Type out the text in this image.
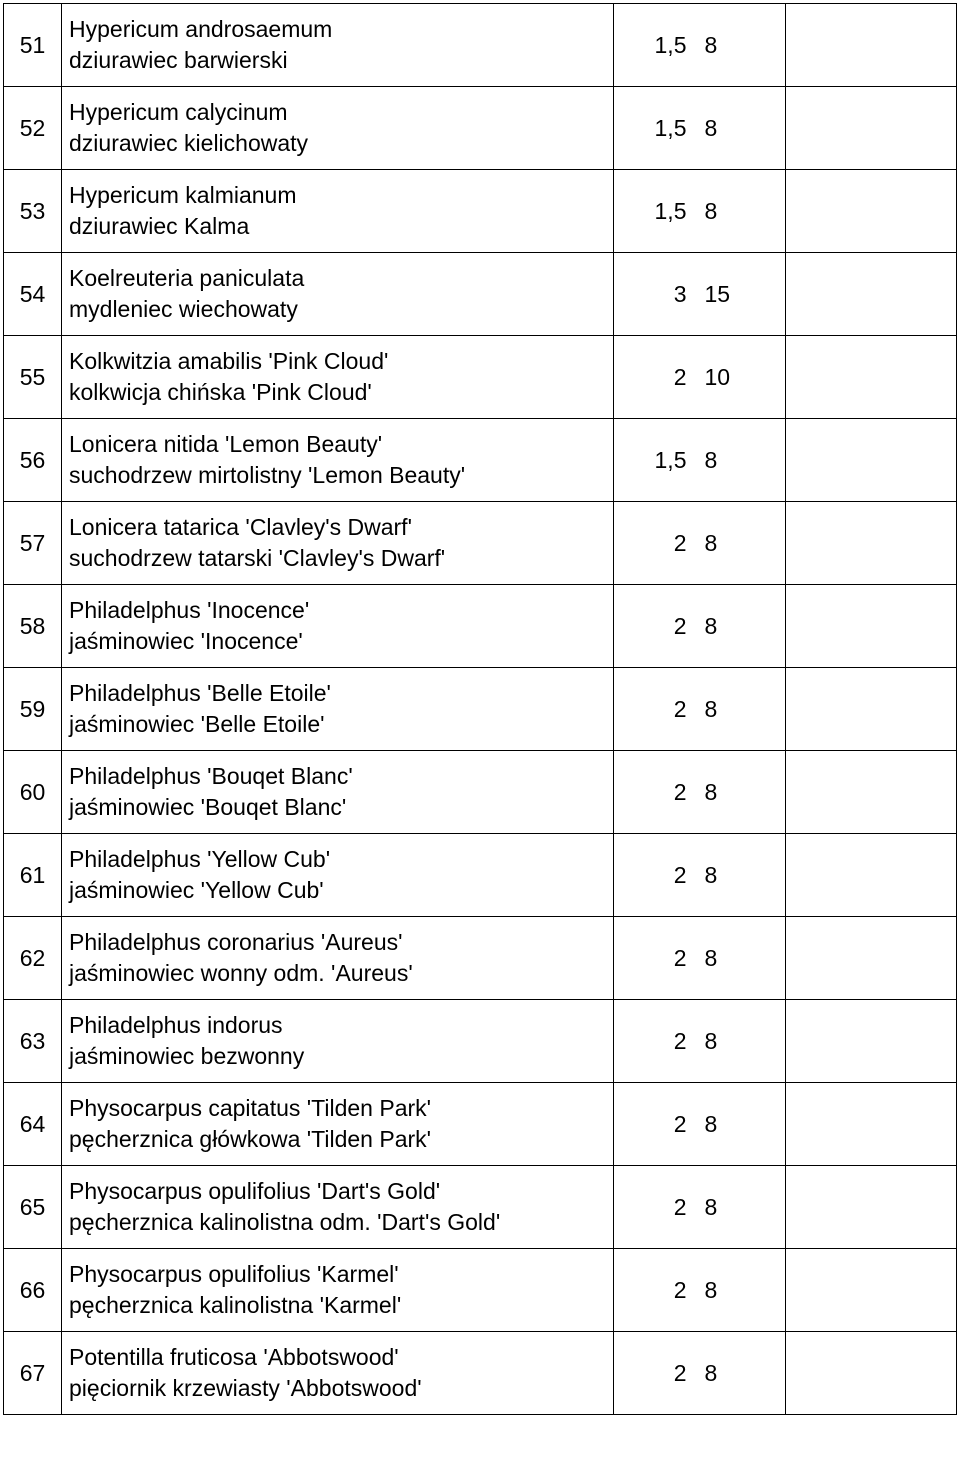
51	Hypericum androsaemum
dziurawiec barwierski	1,5	8	
52	Hypericum calycinum
dziurawiec kielichowaty	1,5	8	
53	Hypericum kalmianum
dziurawiec Kalma	1,5	8	
54	Koelreuteria paniculata
mydleniec wiechowaty	3	15	
55	Kolkwitzia amabilis 'Pink Cloud'
kolkwicja chińska 'Pink Cloud'	2	10	
56	Lonicera nitida 'Lemon Beauty'
suchodrzew mirtolistny 'Lemon Beauty'	1,5	8	
57	Lonicera tatarica 'Clavley's Dwarf'
suchodrzew tatarski 'Clavley's Dwarf'	2	8	
58	Philadelphus 'Inocence'
jaśminowiec 'Inocence'	2	8	
59	Philadelphus 'Belle Etoile'
jaśminowiec 'Belle Etoile'	2	8	
60	Philadelphus 'Bouqet Blanc'
jaśminowiec 'Bouqet Blanc'	2	8	
61	Philadelphus 'Yellow Cub'
jaśminowiec 'Yellow Cub'	2	8	
62	Philadelphus coronarius 'Aureus'
jaśminowiec wonny odm. 'Aureus'	2	8	
63	Philadelphus indorus
jaśminowiec bezwonny	2	8	
64	Physocarpus capitatus 'Tilden Park'
pęcherznica główkowa 'Tilden Park'	2	8	
65	Physocarpus opulifolius 'Dart's Gold'
pęcherznica kalinolistna odm. 'Dart's Gold'	2	8	
66	Physocarpus opulifolius 'Karmel'
pęcherznica kalinolistna 'Karmel'	2	8	
67	Potentilla fruticosa 'Abbotswood'
pięciornik krzewiasty 'Abbotswood'	2	8	
